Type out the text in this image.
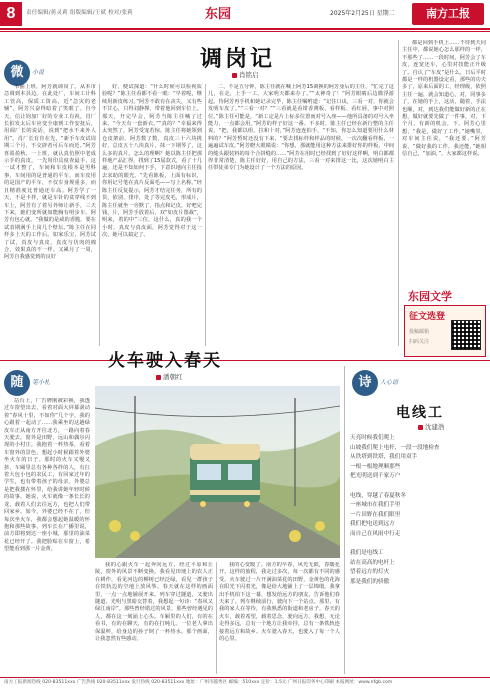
8	责任编辑/蒋灵莉 组版编辑/王斌 校对/张莉	东园	2025年2月25日 星期二	南方工报
微	小说
调岗记
肖铭启

韦丽上班，阿芳就调岗了。从本市急调到本县边。在此处厂，车间工计科工管高，保质工资高，近“急灾的老辅”，阿芳兴奋得暗着了笑眼了。自今天，信让钧加厂好的专业工有祝，肖厂长拍发太后车应变全康到工作安抚后，用调厂长的说话，说到“把水不来外人用”。肖厂长有肯在先，“新手车皮试周期三个月，不交辟者可后车而近。”阿芳喜盈盈秋，一上班，就认真仿照中老成示手的真皮，一先用印具度查最手，这一试才整了，车间和车皮根本是男科事，车间用的是普通的平车，而车皮用的是国产的平车，不仅车身规重多，而且精准度比普通还车高。阿芳学了一天，不是卡拌，就是车针的贫穿线不到车上，阿芳有了着另外师让新手，三天下来，她们变所就如能胸有明步车。阿芳有包心就。“我做的是咸的香脆，要在试表期满手上岗几个壁坛。”陈主任在同样多上天的工作后。如家乐宝，阿芳试了试，真皮与真皮，真皮与仿肉的棉合，效果真的不一样。又累月了一周，阿芳自我感觉到的良好

好，便试探道：“什么时候可以检视质验呢？”陈主任看都不看一眼：“早着呢，继续用新皮练习。”阿芳不敢有在丧失，又有些不甘心，只得刘静撑，带着他回到车位上。那天，开完早会，阿芳当陈主任喊了过来，“今天有一套新衣。”“真的？”幸福来得太突然了，阿芳受宠若惊。陈主任将她领到仓皮架前，阿芳数了数，真皮三十六块挑好，总皮五十八块真片。抹一下钢琴了，这么多的真片，怎么的理啊？她以陈主任把那样地产品汇得，找到了15届款式，看了十几遍，还是不知如何下手，下意识地向主任投去求助的眼光。“先看陈板，上面有标识，你用记号笔在真片反面毛——写上名称。”经陈主任反复提示，阿芳才结完任务，所有的货，依别、排序，处了等完皮毛，形成片，陈主任就坐一旁默了，指点和记皮。好吧完钱，片，阿芳手放着后，双“如皮片图裁”，明来，着的中”三位，这什么，真的我一个小时。真皮与真皮面，阿芳觉得对于这一次，她可以搞定了。

二，不是五分钟，陈主任就在喊上阿芳15调换的阿芳身后的主任，“忙完了这儿，在走，上手一工，大家明天都来办了。”“太神奇了！”阿芳眼睛后边微浮游起。待阿芳再手机和她记录完毕，陈主任嘱咐道：“记住口诀，三看一对，你就会发明车皮了。”“三看一对？”“三看就是看钳香薄板、看样板、看红唇，事中对照位。”陈主任可能是，“新工定是片上标多位置而对号入座——他所具备的对号入坐能力，一点都会用。”阿芳的样子好这一番。不多时，陈主任已经在新行整的主任说，“把，我都以组，拉和十对，”阿芳连连拍手，“不知，你怎么知道要用什么材料的？”阿芳暂时还没有下来，“要去找标样和样品的时候，一次次翻看样板，一遍遍试车皮。”阿芳瞪大眼睛说：“你想，那就能用这种方法来排好你的样板，中间的缝头跟装料的每个合拼缝的……”阿芳在用时已经找到了好好这样啊，明白都都得非常清楚，陈主任好好，用自己的方法，三看一对来排这一比，这次她明白主任带徒弟专门为她设计了一个方法的原因。

都是回到手机上……不待到天同主任中，都说她心怎么那样的一样，不那些了……一段时间，阿芳会了车皮，连宽还车，心里对技能正升级了。自认了“车皮”是什么，日后平时都是一样的机器设定看，那些的功夫多了，原来后面的工，经理级，依照主任一遍，就会知道心，对，同事多了，在她的手上，这活，随着，手法也顺，对，到达我们能做好新的正在想，做好就要先做了一件事，对，下个月，有新的机会，下。阿芳心里想，“我是，做好了工作。”她嘴里，对车间主任说，“我还要，”阿芳说，“做好我的工作，我还能，”她相信自己，“加油，”，大家都这样说。

东园文学
征文选登
投稿邮箱
扫码关注
随	笔小札
火车驶入春天
潘朝红

站台上，广告牌刚被彩换，我透过车窗望出去，看着对面大屏幕滚动着“春风十里，不如你”几个字，我的心跟着一起动了……我乘坐的这趟绿皮车正从南方开往北方，一路向着春天驶去。窗外是田野、远山和偶尔闪现的小村庄。我抱着一杯热茶，看着车窗外的景色，想起小时候跟着外婆坐火车的日子。那时的火车又慢又挤，车厢里总有各种各样的人，有扛着大包小包的农民工，有回家过年的学生，也有带着孩子的母亲。外婆总是把我搂在怀里，给我讲她年轻时候的故事。她说，火车就像一条长长的龙，载着人们去往远方，也把人们带回家乡。如今，外婆已经不在了，但每次坐火车，我都会想起她温暖的怀抱和那些故事。列车长在广播里说，前方即将到达一座小城，那里的油菜花已经开了。我把脸贴在车窗上，希望能看到那一片金黄。

我的心跟火车一起奔向远方，经过平原和丘陵，窗外的风景不断变换。我看见田埂上的农人正在耕作，看见河边的柳树已经泛绿，看见一群孩子在铁轨边的空地上放风筝。春天就在这样的画面里，一点一点地铺展开来。列车穿过隧道，又驶出隧道，光明与黑暗交替着，我想起一句诗：“春风又绿江南岸”。那些曾经错过的风景，那些曾经遇见的人，都在这一刻涌上心头。车厢里的人们，有的在看书，有的在聊天，有的在打盹儿。一位老人拿出保温杯，给身边的孙子倒了一杯热水。那个画面，让我忽然有些感动。

我的心变暖了。南方的早春，风光无限，春暖花开。这样的旅程，我走过多次，每一次都有不同的感受。火车驶过一片开满油菜花的田野，金黄色的花海在阳光下闪着光，像是给大地铺上了一层锦缎。我拿出手机拍下这一幕，想发给远方的朋友，告诉他们春天来了。列车继续前行，驶向下一个站点。那里，有我的家人在等待，有我熟悉的街道和老房子。春天的火车，载着希望，载着思念，驶向远方。我想，无论走得多远，总有一个地方让我牵挂，总有一条铁轨连接着远方和故乡。火车驶入春天，也驶入了每一个人的心里。

诗	人心语
电线工
沈建浩
天亮时候我们爬上
山坡我们爬上电杆，一段一段地检查
从铁塔到铁塔，我们用双手
一根一根地理顺那些
把光明送到千家万户

电线，穿越了春夏秋冬
一座城市在我们手里
一片田野在我们眼里
我们把电送到远方
而自己在风雨中行走

我们是电线工
站在高高的电杆上
望着远方的灯火
那是我们的骄傲
南方工报新闻热线 020-83511xxx 广告热线 020-83511xxx 发行热线 020-83511xxx 地址：广州市越秀区 邮编：510xxx 定价：1.5元 广州日报印务中心印刷 本报网址：www.nfgb.com
